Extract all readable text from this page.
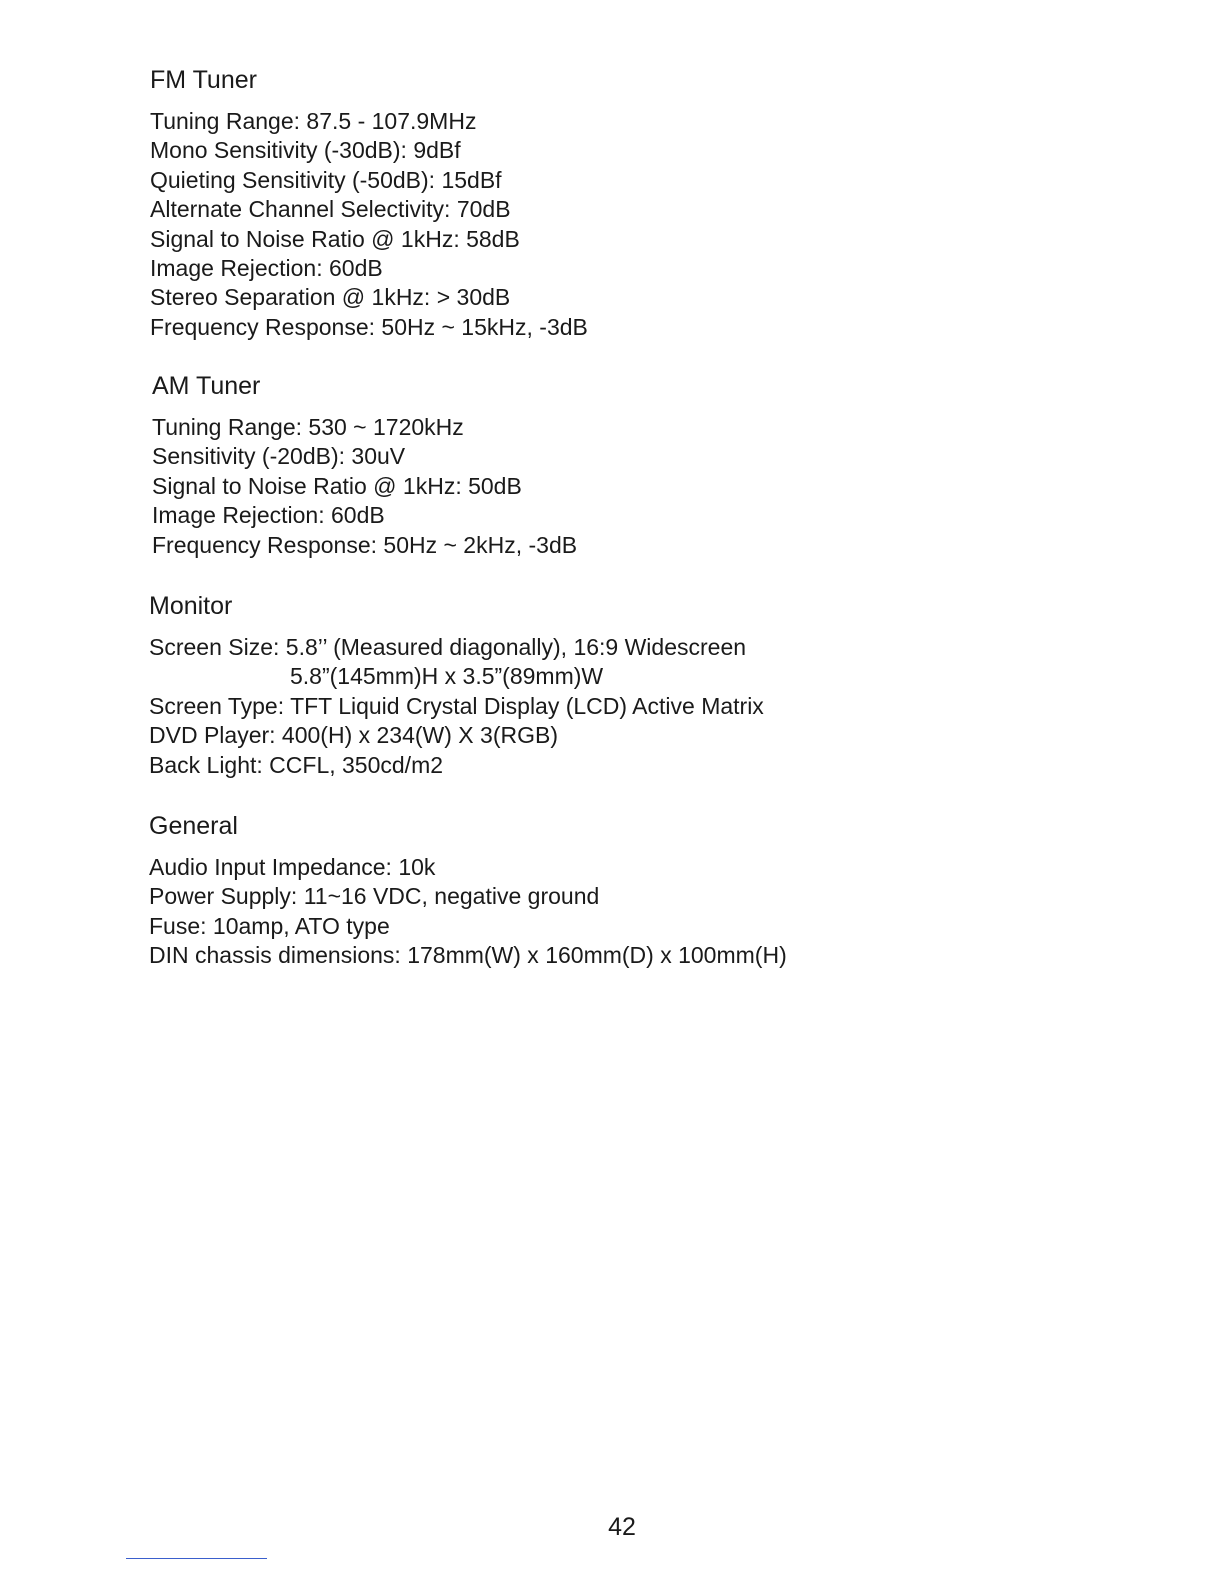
FM Tuner
Tuning Range: 87.5 - 107.9MHz
Mono Sensitivity (-30dB): 9dBf
Quieting Sensitivity (-50dB): 15dBf
Alternate Channel Selectivity: 70dB
Signal to Noise Ratio @ 1kHz: 58dB
Image Rejection: 60dB
Stereo Separation @ 1kHz: > 30dB
Frequency Response: 50Hz ~ 15kHz, -3dB
AM Tuner
Tuning Range: 530 ~ 1720kHz
Sensitivity (-20dB): 30uV
Signal to Noise Ratio @ 1kHz: 50dB
Image Rejection: 60dB
Frequency Response: 50Hz ~ 2kHz, -3dB
Monitor
Screen Size: 5.8’’ (Measured diagonally), 16:9 Widescreen
5.8”(145mm)H x 3.5”(89mm)W
Screen Type: TFT Liquid Crystal Display (LCD) Active Matrix
DVD Player: 400(H) x 234(W) X 3(RGB)
Back Light: CCFL, 350cd/m2
General
Audio Input Impedance: 10k
Power Supply: 11~16 VDC, negative ground
Fuse: 10amp, ATO type
DIN chassis dimensions: 178mm(W) x 160mm(D) x 100mm(H)
42
